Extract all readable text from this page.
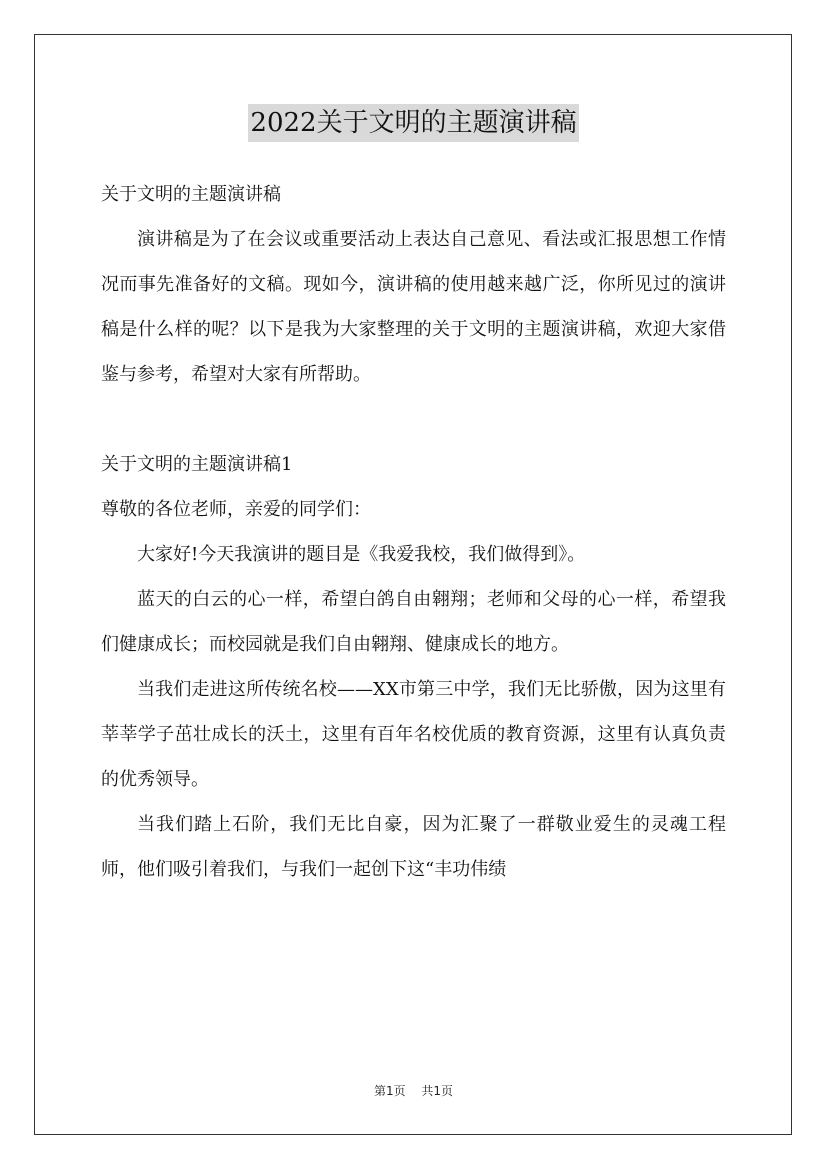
2022关于文明的主题演讲稿

关于文明的主题演讲稿

演讲稿是为了在会议或重要活动上表达自己意见、看法或汇报思想工作情况而事先准备好的文稿。现如今，演讲稿的使用越来越广泛，你所见过的演讲稿是什么样的呢？以下是我为大家整理的关于文明的主题演讲稿，欢迎大家借鉴与参考，希望对大家有所帮助。

关于文明的主题演讲稿1

尊敬的各位老师，亲爱的同学们：

大家好!今天我演讲的题目是《我爱我校，我们做得到》。

蓝天的白云的心一样，希望白鸽自由翱翔；老师和父母的心一样，希望我们健康成长；而校园就是我们自由翱翔、健康成长的地方。

当我们走进这所传统名校——XX市第三中学，我们无比骄傲，因为这里有莘莘学子茁壮成长的沃土，这里有百年名校优质的教育资源，这里有认真负责的优秀领导。

当我们踏上石阶，我们无比自豪，因为汇聚了一群敬业爱生的灵魂工程师，他们吸引着我们，与我们一起创下这“丰功伟绩

第1页 共1页
